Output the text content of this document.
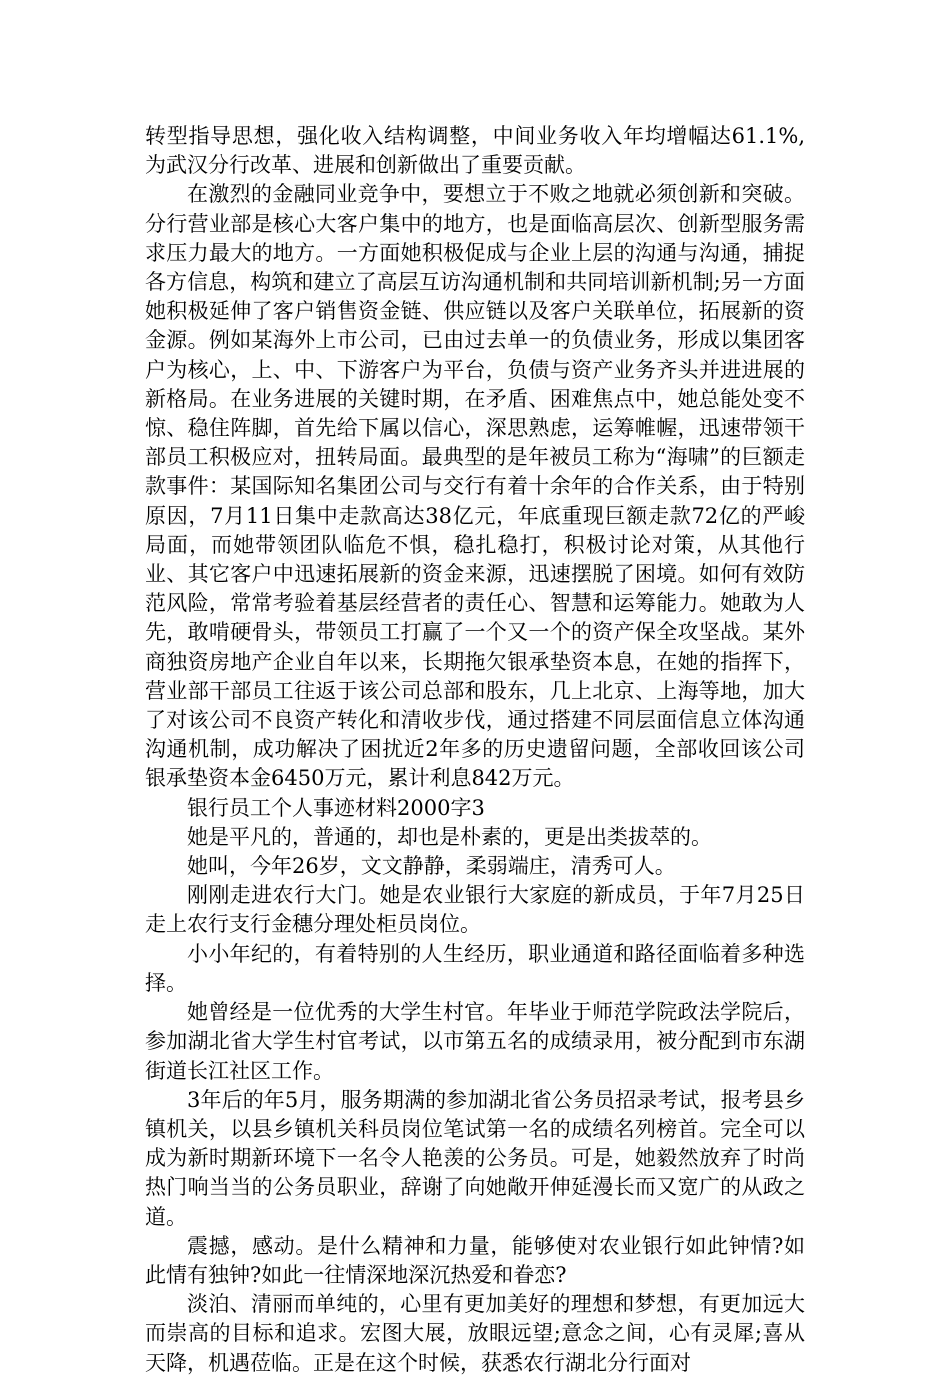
转型指导思想，强化收入结构调整，中间业务收入年均增幅达61.1%,为武汉分行改革、进展和创新做出了重要贡献。

在激烈的金融同业竞争中，要想立于不败之地就必须创新和突破。分行营业部是核心大客户集中的地方，也是面临高层次、创新型服务需求压力最大的地方。一方面她积极促成与企业上层的沟通与沟通，捕捉各方信息，构筑和建立了高层互访沟通机制和共同培训新机制;另一方面她积极延伸了客户销售资金链、供应链以及客户关联单位，拓展新的资金源。例如某海外上市公司，已由过去单一的负债业务，形成以集团客户为核心，上、中、下游客户为平台，负债与资产业务齐头并进进展的新格局。在业务进展的关键时期，在矛盾、困难焦点中，她总能处变不惊、稳住阵脚，首先给下属以信心，深思熟虑，运筹帷幄，迅速带领干部员工积极应对，扭转局面。最典型的是年被员工称为“海啸”的巨额走款事件：某国际知名集团公司与交行有着十余年的合作关系，由于特别原因，7月11日集中走款高达38亿元，年底重现巨额走款72亿的严峻局面，而她带领团队临危不惧，稳扎稳打，积极讨论对策，从其他行业、其它客户中迅速拓展新的资金来源，迅速摆脱了困境。如何有效防范风险，常常考验着基层经营者的责任心、智慧和运筹能力。她敢为人先，敢啃硬骨头，带领员工打赢了一个又一个的资产保全攻坚战。某外商独资房地产企业自年以来，长期拖欠银承垫资本息，在她的指挥下，营业部干部员工往返于该公司总部和股东，几上北京、上海等地，加大了对该公司不良资产转化和清收步伐，通过搭建不同层面信息立体沟通沟通机制，成功解决了困扰近2年多的历史遗留问题，全部收回该公司银承垫资本金6450万元，累计利息842万元。

银行员工个人事迹材料2000字3

她是平凡的，普通的，却也是朴素的，更是出类拔萃的。

她叫，今年26岁，文文静静，柔弱端庄，清秀可人。

刚刚走进农行大门。她是农业银行大家庭的新成员，于年7月25日走上农行支行金穗分理处柜员岗位。

小小年纪的，有着特别的人生经历，职业通道和路径面临着多种选择。

她曾经是一位优秀的大学生村官。年毕业于师范学院政法学院后，参加湖北省大学生村官考试，以市第五名的成绩录用，被分配到市东湖街道长江社区工作。

3年后的年5月，服务期满的参加湖北省公务员招录考试，报考县乡镇机关，以县乡镇机关科员岗位笔试第一名的成绩名列榜首。完全可以成为新时期新环境下一名令人艳羡的公务员。可是，她毅然放弃了时尚热门响当当的公务员职业，辞谢了向她敞开伸延漫长而又宽广的从政之道。

震撼，感动。是什么精神和力量，能够使对农业银行如此钟情?如此情有独钟?如此一往情深地深沉热爱和眷恋?

淡泊、清丽而单纯的，心里有更加美好的理想和梦想，有更加远大而崇高的目标和追求。宏图大展，放眼远望;意念之间，心有灵犀;喜从天降，机遇莅临。正是在这个时候，获悉农行湖北分行面对
